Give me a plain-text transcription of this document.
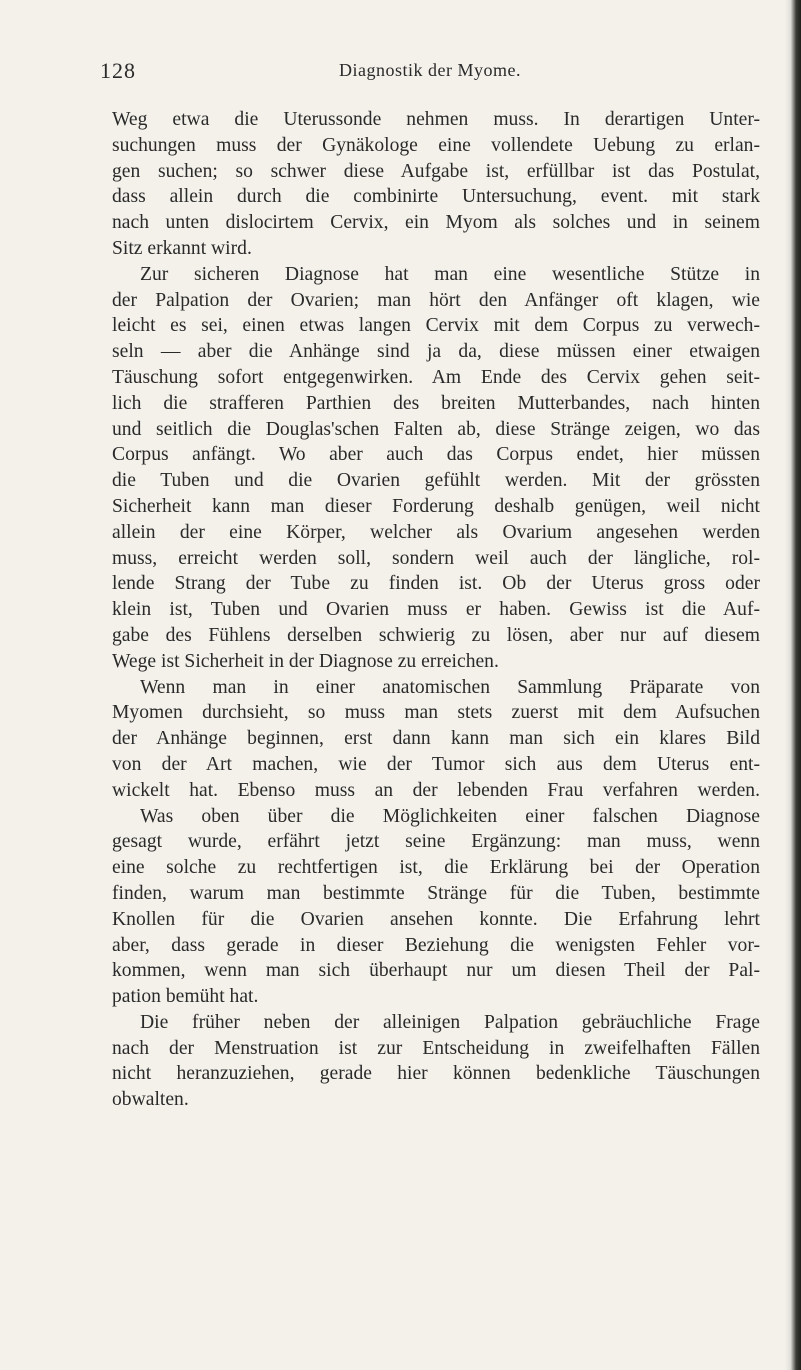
128	Diagnostik der Myome.
Weg etwa die Uterussonde nehmen muss. In derartigen Unter-
suchungen muss der Gynäkologe eine vollendete Uebung zu erlan-
gen suchen; so schwer diese Aufgabe ist, erfüllbar ist das Postulat,
dass allein durch die combinirte Untersuchung, event. mit stark
nach unten dislocirtem Cervix, ein Myom als solches und in seinem
Sitz erkannt wird.
Zur sicheren Diagnose hat man eine wesentliche Stütze in
der Palpation der Ovarien; man hört den Anfänger oft klagen, wie
leicht es sei, einen etwas langen Cervix mit dem Corpus zu verwech-
seln — aber die Anhänge sind ja da, diese müssen einer etwaigen
Täuschung sofort entgegenwirken. Am Ende des Cervix gehen seit-
lich die strafferen Parthien des breiten Mutterbandes, nach hinten
und seitlich die Douglas'schen Falten ab, diese Stränge zeigen, wo das
Corpus anfängt. Wo aber auch das Corpus endet, hier müssen
die Tuben und die Ovarien gefühlt werden. Mit der grössten
Sicherheit kann man dieser Forderung deshalb genügen, weil nicht
allein der eine Körper, welcher als Ovarium angesehen werden
muss, erreicht werden soll, sondern weil auch der längliche, rol-
lende Strang der Tube zu finden ist. Ob der Uterus gross oder
klein ist, Tuben und Ovarien muss er haben. Gewiss ist die Auf-
gabe des Fühlens derselben schwierig zu lösen, aber nur auf diesem
Wege ist Sicherheit in der Diagnose zu erreichen.
Wenn man in einer anatomischen Sammlung Präparate von
Myomen durchsieht, so muss man stets zuerst mit dem Aufsuchen
der Anhänge beginnen, erst dann kann man sich ein klares Bild
von der Art machen, wie der Tumor sich aus dem Uterus ent-
wickelt hat. Ebenso muss an der lebenden Frau verfahren werden.
Was oben über die Möglichkeiten einer falschen Diagnose
gesagt wurde, erfährt jetzt seine Ergänzung: man muss, wenn
eine solche zu rechtfertigen ist, die Erklärung bei der Operation
finden, warum man bestimmte Stränge für die Tuben, bestimmte
Knollen für die Ovarien ansehen konnte. Die Erfahrung lehrt
aber, dass gerade in dieser Beziehung die wenigsten Fehler vor-
kommen, wenn man sich überhaupt nur um diesen Theil der Pal-
pation bemüht hat.
Die früher neben der alleinigen Palpation gebräuchliche Frage
nach der Menstruation ist zur Entscheidung in zweifelhaften Fällen
nicht heranzuziehen, gerade hier können bedenkliche Täuschungen
obwalten.
